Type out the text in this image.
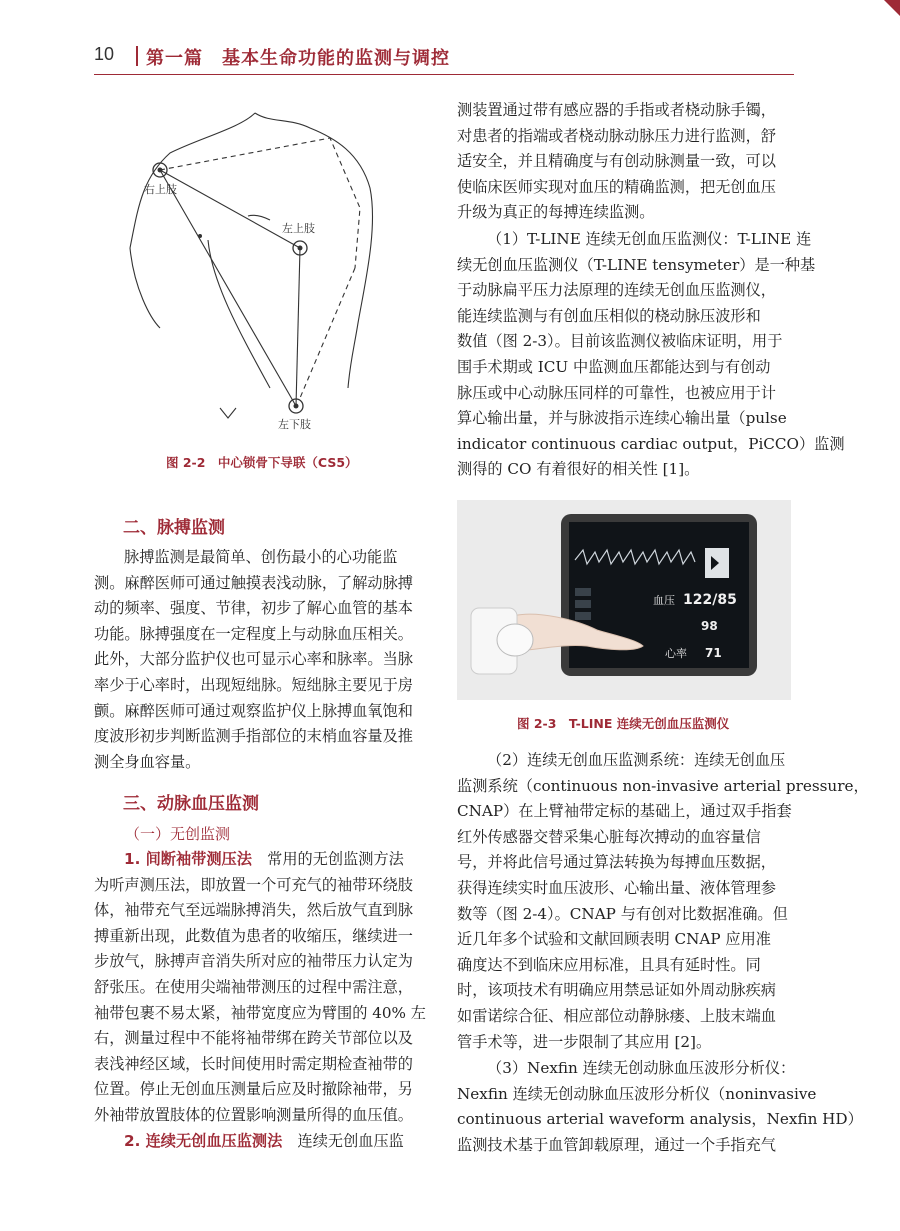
10 第一篇　基本生命功能的监测与调控
右上肢
左上肢
左下肢
图 2-2　中心锁骨下导联（CS5）
测装置通过带有感应器的手指或者桡动脉手镯，
对患者的指端或者桡动脉动脉压力进行监测，舒
适安全，并且精确度与有创动脉测量一致，可以
使临床医师实现对血压的精确监测，把无创血压
升级为真正的每搏连续监测。
（1）T-LINE 连续无创血压监测仪：T-LINE 连
续无创血压监测仪（T-LINE tensymeter）是一种基
于动脉扁平压力法原理的连续无创血压监测仪，
能连续监测与有创血压相似的桡动脉压波形和
数值（图 2-3）。目前该监测仪被临床证明，用于
围手术期或 ICU 中监测血压都能达到与有创动
脉压或中心动脉压同样的可靠性，也被应用于计
算心输出量，并与脉波指示连续心输出量（pulse
indicator continuous cardiac output，PiCCO）监测
测得的 CO 有着很好的相关性 [1]。
血压 122/85
98
心率 71
图 2-3　T-LINE 连续无创血压监测仪
（2）连续无创血压监测系统：连续无创血压
监测系统（continuous non-invasive arterial pressure，
CNAP）在上臂袖带定标的基础上，通过双手指套
红外传感器交替采集心脏每次搏动的血容量信
号，并将此信号通过算法转换为每搏血压数据，
获得连续实时血压波形、心输出量、液体管理参
数等（图 2-4）。CNAP 与有创对比数据准确。但
近几年多个试验和文献回顾表明 CNAP 应用准
确度达不到临床应用标准，且具有延时性。同
时，该项技术有明确应用禁忌证如外周动脉疾病
如雷诺综合征、相应部位动静脉瘘、上肢末端血
管手术等，进一步限制了其应用 [2]。
（3）Nexfin 连续无创动脉血压波形分析仪：
Nexfin 连续无创动脉血压波形分析仪（noninvasive
continuous arterial waveform analysis，Nexfin HD）
监测技术基于血管卸载原理，通过一个手指充气
二、脉搏监测
脉搏监测是最简单、创伤最小的心功能监
测。麻醉医师可通过触摸表浅动脉，了解动脉搏
动的频率、强度、节律，初步了解心血管的基本
功能。脉搏强度在一定程度上与动脉血压相关。
此外，大部分监护仪也可显示心率和脉率。当脉
率少于心率时，出现短绌脉。短绌脉主要见于房
颤。麻醉医师可通过观察监护仪上脉搏血氧饱和
度波形初步判断监测手指部位的末梢血容量及推
测全身血容量。
三、动脉血压监测
（一）无创监测
1. 间断袖带测压法　常用的无创监测方法
为听声测压法，即放置一个可充气的袖带环绕肢
体，袖带充气至远端脉搏消失，然后放气直到脉
搏重新出现，此数值为患者的收缩压，继续进一
步放气，脉搏声音消失所对应的袖带压力认定为
舒张压。在使用尖端袖带测压的过程中需注意，
袖带包裹不易太紧，袖带宽度应为臂围的 40% 左
右，测量过程中不能将袖带绑在跨关节部位以及
表浅神经区域，长时间使用时需定期检查袖带的
位置。停止无创血压测量后应及时撤除袖带，另
外袖带放置肢体的位置影响测量所得的血压值。
2. 连续无创血压监测法　连续无创血压监
